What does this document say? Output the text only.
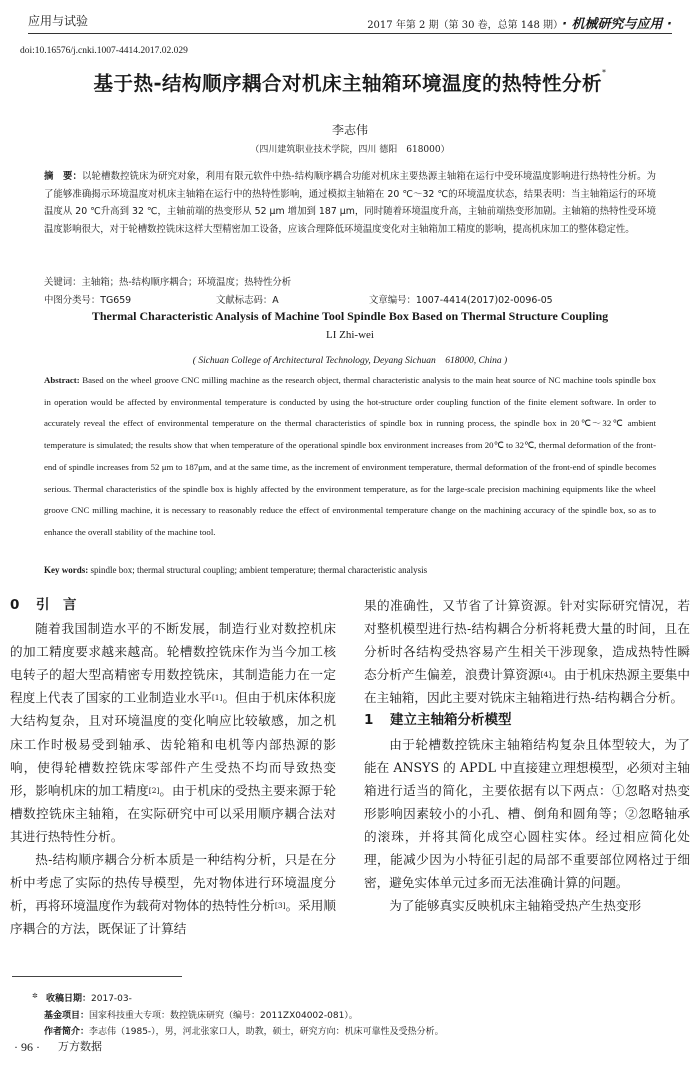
应用与试验	2017 年第 2 期（第 30 卷，总第 148 期） · 机械研究与应用 ·
doi:10.16576/j.cnki.1007-4414.2017.02.029
基于热-结构顺序耦合对机床主轴箱环境温度的热特性分析*
李志伟
（四川建筑职业技术学院，四川 德阳　618000）
摘　要：以轮槽数控铣床为研究对象，利用有限元软件中热-结构顺序耦合功能对机床主要热源主轴箱在运行中受环境温度影响进行热特性分析。为了能够准确揭示环境温度对机床主轴箱在运行中的热特性影响，通过模拟主轴箱在 20 ℃～32 ℃的环境温度状态，结果表明：当主轴箱运行的环境温度从 20 ℃升高到 32 ℃，主轴前端的热变形从 52 μm 增加到 187 μm，同时随着环境温度升高，主轴前端热变形加剧。主轴箱的热特性受环境温度影响很大，对于轮槽数控铣床这样大型精密加工设备，应该合理降低环境温度变化对主轴箱加工精度的影响，提高机床加工的整体稳定性。
关键词：主轴箱；热-结构顺序耦合；环境温度；热特性分析
中图分类号：TG659	文献标志码：A	文章编号：1007-4414(2017)02-0096-05
Thermal Characteristic Analysis of Machine Tool Spindle Box Based on Thermal Structure Coupling
LI Zhi-wei
( Sichuan College of Architectural Technology, Deyang Sichuan　618000, China )
Abstract: Based on the wheel groove CNC milling machine as the research object, thermal characteristic analysis to the main heat source of NC machine tools spindle box in operation would be affected by environmental temperature is conducted by using the hot-structure order coupling function of the finite element software. In order to accurately reveal the effect of environmental temperature on the thermal characteristics of spindle box in running process, the spindle box in 20℃～32℃ ambient temperature is simulated; the results show that when temperature of the operational spindle box environment increases from 20℃ to 32℃, thermal deformation of the front-end of spindle increases from 52 μm to 187μm, and at the same time, as the increment of environment temperature, thermal deformation of the front-end of spindle becomes serious. Thermal characteristics of the spindle box is highly affected by the environment temperature, as for the large-scale precision machining equipments like the wheel groove CNC milling machine, it is necessary to reasonably reduce the effect of environmental temperature change on the machining accuracy of the spindle box, so as to enhance the overall stability of the machine tool.
Key words: spindle box; thermal structural coupling; ambient temperature; thermal characteristic analysis
0 引　言

随着我国制造水平的不断发展，制造行业对数控机床的加工精度要求越来越高。轮槽数控铣床作为当今加工核电转子的超大型高精密专用数控铣床，其制造能力在一定程度上代表了国家的工业制造业水平[1]。但由于机床体积庞大结构复杂，且对环境温度的变化响应比较敏感，加之机床工作时极易受到轴承、齿轮箱和电机等内部热源的影响，使得轮槽数控铣床零部件产生受热不均而导致热变形，影响机床的加工精度[2]。由于机床的受热主要来源于轮槽数控铣床主轴箱，在实际研究中可以采用顺序耦合法对其进行热特性分析。

热-结构顺序耦合分析本质是一种结构分析，只是在分析中考虑了实际的热传导模型，先对物体进行环境温度分析，再将环境温度作为载荷对物体的热特性分析[3]。采用顺序耦合的方法，既保证了计算结

果的准确性，又节省了计算资源。针对实际研究情况，若对整机模型进行热-结构耦合分析将耗费大量的时间，且在分析时各结构受热容易产生相关干涉现象，造成热特性瞬态分析产生偏差，浪费计算资源[4]。由于机床热源主要集中在主轴箱，因此主要对铣床主轴箱进行热-结构耦合分析。

1 建立主轴箱分析模型

由于轮槽数控铣床主轴箱结构复杂且体型较大，为了能在 ANSYS 的 APDL 中直接建立理想模型，必须对主轴箱进行适当的简化，主要依据有以下两点：①忽略对热变形影响因素较小的小孔、槽、倒角和圆角等；②忽略轴承的滚珠，并将其简化成空心圆柱实体。经过相应简化处理，能减少因为小特征引起的局部不重要部位网格过于细密，避免实体单元过多而无法准确计算的问题。

为了能够真实反映机床主轴箱受热产生热变形

✲ 收稿日期：2017-03-
基金项目：国家科技重大专项：数控铣床研究（编号：2011ZX04002-081）。
作者简介：李志伟（1985-），男，河北张家口人，助教，硕士，研究方向：机床可靠性及受热分析。
· 96 · 万方数据
